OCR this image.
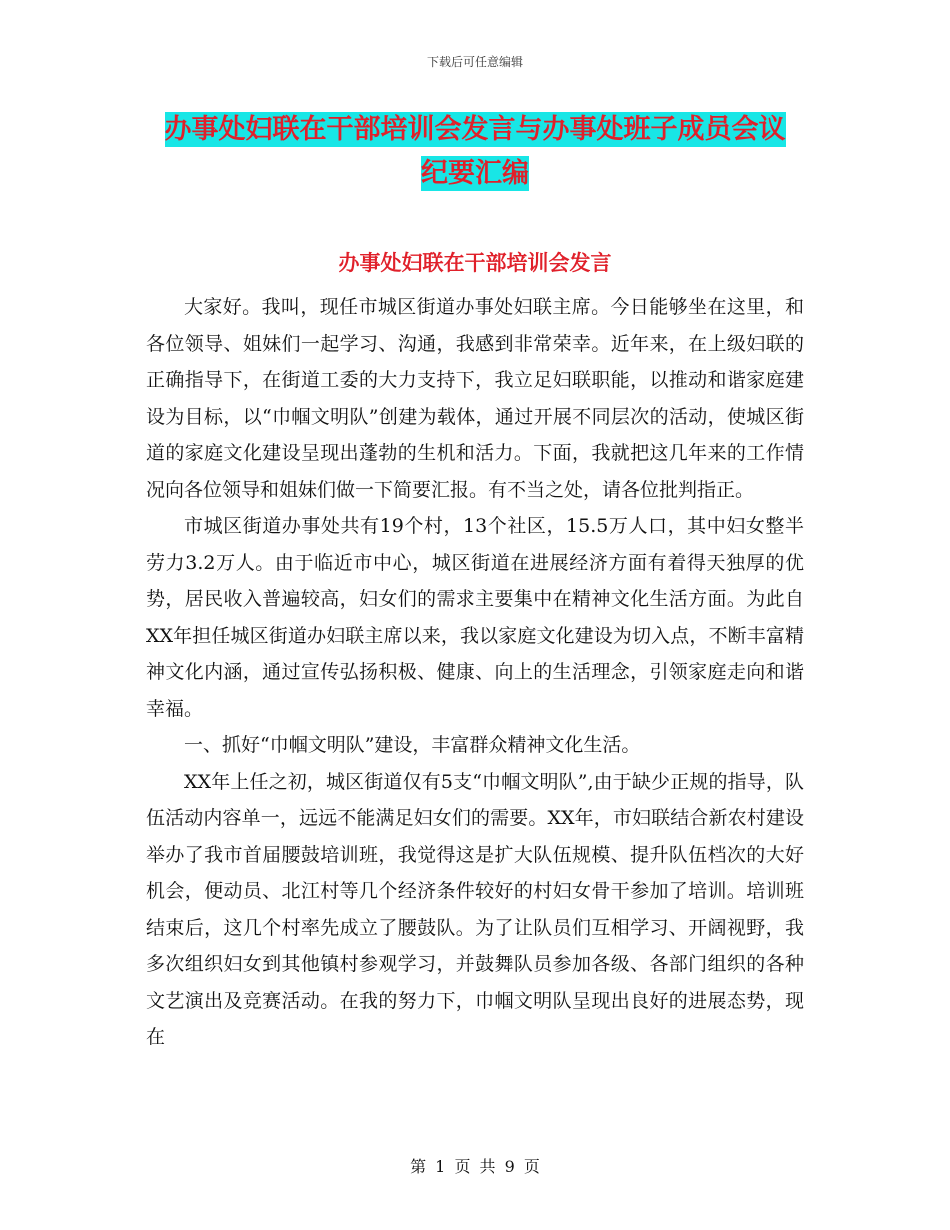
下载后可任意编辑
办事处妇联在干部培训会发言与办事处班子成员会议
纪要汇编
办事处妇联在干部培训会发言

大家好。我叫，现任市城区街道办事处妇联主席。今日能够坐在这里，和各位领导、姐妹们一起学习、沟通，我感到非常荣幸。近年来，在上级妇联的正确指导下，在街道工委的大力支持下，我立足妇联职能，以推动和谐家庭建设为目标，以“巾帼文明队”创建为载体，通过开展不同层次的活动，使城区街道的家庭文化建设呈现出蓬勃的生机和活力。下面，我就把这几年来的工作情况向各位领导和姐妹们做一下简要汇报。有不当之处，请各位批判指正。

市城区街道办事处共有19个村，13个社区，15.5万人口，其中妇女整半劳力3.2万人。由于临近市中心，城区街道在进展经济方面有着得天独厚的优势，居民收入普遍较高，妇女们的需求主要集中在精神文化生活方面。为此自XX年担任城区街道办妇联主席以来，我以家庭文化建设为切入点，不断丰富精神文化内涵，通过宣传弘扬积极、健康、向上的生活理念，引领家庭走向和谐幸福。

一、抓好“巾帼文明队”建设，丰富群众精神文化生活。

XX年上任之初，城区街道仅有5支“巾帼文明队”,由于缺少正规的指导，队伍活动内容单一，远远不能满足妇女们的需要。XX年，市妇联结合新农村建设举办了我市首届腰鼓培训班，我觉得这是扩大队伍规模、提升队伍档次的大好机会，便动员、北江村等几个经济条件较好的村妇女骨干参加了培训。培训班结束后，这几个村率先成立了腰鼓队。为了让队员们互相学习、开阔视野，我多次组织妇女到其他镇村参观学习，并鼓舞队员参加各级、各部门组织的各种文艺演出及竞赛活动。在我的努力下，巾帼文明队呈现出良好的进展态势，现在

第 1 页 共 9 页
